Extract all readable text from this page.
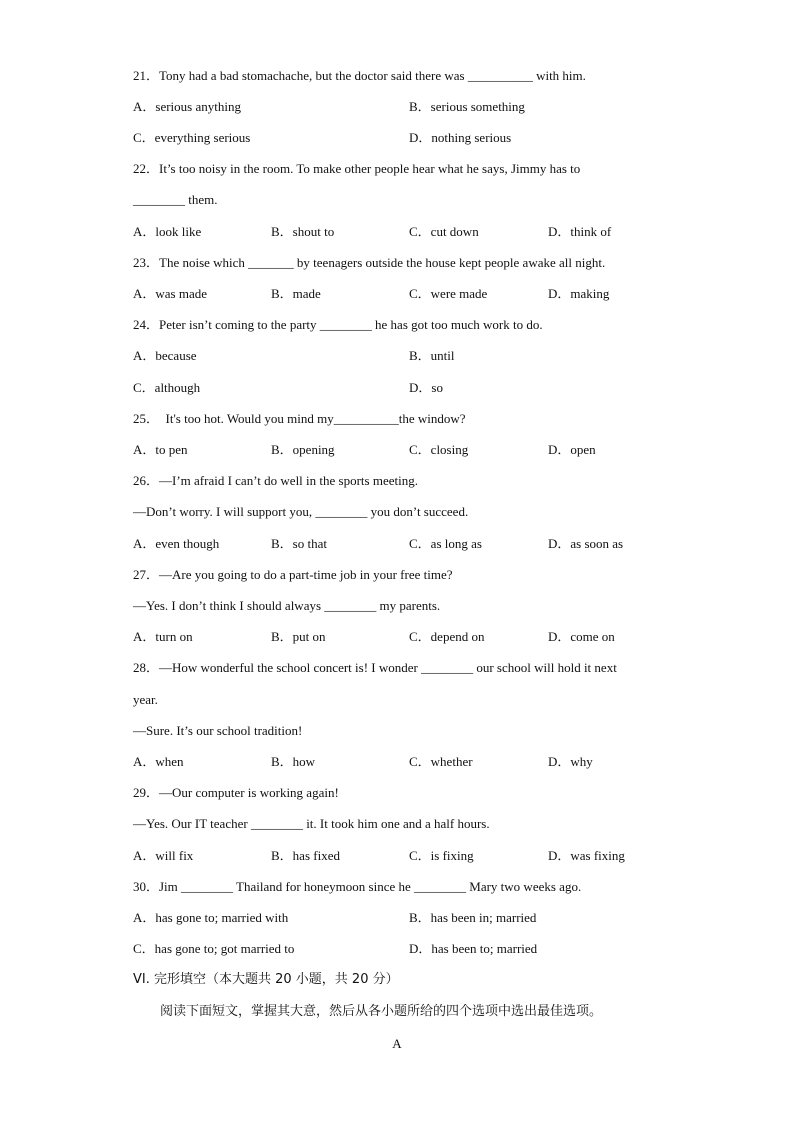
21．Tony had a bad stomachache, but the doctor said there was __________ with him.
A．serious anything	B．serious something
C．everything serious	D．nothing serious
22．It’s too noisy in the room. To make other people hear what he says, Jimmy has to
________ them.
A．look like	B．shout to	C．cut down	D．think of
23．The noise which _______ by teenagers outside the house kept people awake all night.
A．was made	B．made	C．were made	D．making
24．Peter isn’t coming to the party ________ he has got too much work to do.
A．because	B．until
C．although	D．so
25．  It's too hot. Would you mind my__________the window?
A．to pen	B．opening	C．closing	D．open
26．—I’m afraid I can’t do well in the sports meeting.
—Don’t worry. I will support you, ________ you don’t succeed.
A．even though	B．so that	C．as long as	D．as soon as
27．—Are you going to do a part-time job in your free time?
—Yes. I don’t think I should always ________ my parents.
A．turn on	B．put on	C．depend on	D．come on
28．—How wonderful the school concert is! I wonder ________ our school will hold it next
year.
—Sure. It’s our school tradition!
A．when	B．how	C．whether	D．why
29．—Our computer is working again!
—Yes. Our IT teacher ________ it. It took him one and a half hours.
A．will fix	B．has fixed	C．is fixing	D．was fixing
30．Jim ________ Thailand for honeymoon since he ________ Mary two weeks ago.
A．has gone to; married with	B．has been in; married
C．has gone to; got married to	D．has been to; married
VI. 完形填空（本大题共 20 小题，共 20 分）
阅读下面短文，掌握其大意，然后从各小题所给的四个选项中选出最佳选项。
A
